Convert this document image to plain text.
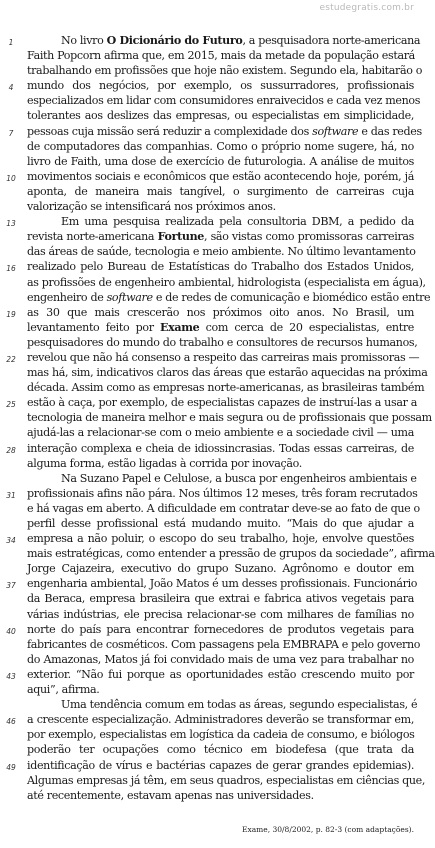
estudegratis.com.br
1	No livro O Dicionário do Futuro, a pesquisadora norte-americana
Faith Popcorn afirma que, em 2015, mais da metade da população estará
trabalhando em profissões que hoje não existem. Segundo ela, habitarão o
4	mundo dos negócios, por exemplo, os sussurradores, profissionais
especializados em lidar com consumidores enraivecidos e cada vez menos
tolerantes aos deslizes das empresas, ou especialistas em simplicidade,
7	pessoas cuja missão será reduzir a complexidade dos software e das redes
de computadores das companhias. Como o próprio nome sugere, há, no
livro de Faith, uma dose de exercício de futurologia. A análise de muitos
10 movimentos sociais e econômicos que estão acontecendo hoje, porém, já
aponta, de maneira mais tangível, o surgimento de carreiras cuja
valorização se intensificará nos próximos anos.
13	Em uma pesquisa realizada pela consultoria DBM, a pedido da
revista norte-americana Fortune, são vistas como promissoras carreiras
das áreas de saúde, tecnologia e meio ambiente. No último levantamento
16 realizado pelo Bureau de Estatísticas do Trabalho dos Estados Unidos,
as profissões de engenheiro ambiental, hidrologista (especialista em água),
engenheiro de software e de redes de comunicação e biomédico estão entre
19 as 30 que mais crescerão nos próximos oito anos. No Brasil, um
levantamento feito por Exame com cerca de 20 especialistas, entre
pesquisadores do mundo do trabalho e consultores de recursos humanos,
22 revelou que não há consenso a respeito das carreiras mais promissoras —
mas há, sim, indicativos claros das áreas que estarão aquecidas na próxima
década. Assim como as empresas norte-americanas, as brasileiras também
25 estão à caça, por exemplo, de especialistas capazes de instruí-las a usar a
tecnologia de maneira melhor e mais segura ou de profissionais que possam
ajudá-las a relacionar-se com o meio ambiente e a sociedade civil — uma
28 interação complexa e cheia de idiossincrasias. Todas essas carreiras, de
alguma forma, estão ligadas à corrida por inovação.
Na Suzano Papel e Celulose, a busca por engenheiros ambientais e
31 profissionais afins não pára. Nos últimos 12 meses, três foram recrutados
e há vagas em aberto. A dificuldade em contratar deve-se ao fato de que o
perfil desse profissional está mudando muito. “Mais do que ajudar a
34 empresa a não poluir, o escopo do seu trabalho, hoje, envolve questões
mais estratégicas, como entender a pressão de grupos da sociedade”, afirma
Jorge Cajazeira, executivo do grupo Suzano. Agrônomo e doutor em
37 engenharia ambiental, João Matos é um desses profissionais. Funcionário
da Beraca, empresa brasileira que extrai e fabrica ativos vegetais para
várias indústrias, ele precisa relacionar-se com milhares de famílias no
40 norte do país para encontrar fornecedores de produtos vegetais para
fabricantes de cosméticos. Com passagens pela EMBRAPA e pelo governo
do Amazonas, Matos já foi convidado mais de uma vez para trabalhar no
43 exterior. “Não fui porque as oportunidades estão crescendo muito por
aqui”, afirma.
Uma tendência comum em todas as áreas, segundo especialistas, é
46 a crescente especialização. Administradores deverão se transformar em,
por exemplo, especialistas em logística da cadeia de consumo, e biólogos
poderão ter ocupações como técnico em biodefesa (que trata da
49 identificação de vírus e bactérias capazes de gerar grandes epidemias).
Algumas empresas já têm, em seus quadros, especialistas em ciências que,
até recentemente, estavam apenas nas universidades.
Exame, 30/8/2002, p. 82-3 (com adaptações).
